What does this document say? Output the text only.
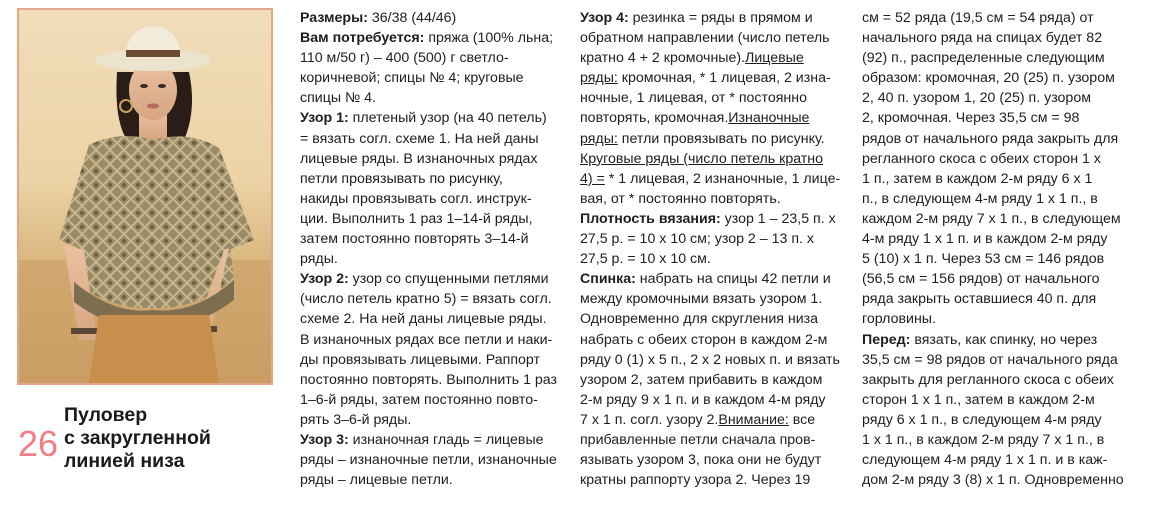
26
Пуловер
с закругленной
линией низа
Размеры: 36/38 (44/46)
Вам потребуется: пряжа (100% льна;
110 м/50 г) – 400 (500) г светло-
коричневой; спицы № 4; круговые
спицы № 4.
Узор 1: плетеный узор (на 40 петель)
= вязать согл. схеме 1. На ней даны
лицевые ряды. В изнаночных рядах
петли провязывать по рисунку,
накиды провязывать согл. инструк-
ции. Выполнить 1 раз 1–14-й ряды,
затем постоянно повторять 3–14-й
ряды.
Узор 2: узор со спущенными петлями
(число петель кратно 5) = вязать согл.
схеме 2. На ней даны лицевые ряды.
В изнаночных рядах все петли и наки-
ды провязывать лицевыми. Раппорт
постоянно повторять. Выполнить 1 раз
1–6-й ряды, затем постоянно повто-
рять 3–6-й ряды.
Узор 3: изнаночная гладь = лицевые
ряды – изнаночные петли, изнаночные
ряды – лицевые петли.
Узор 4: резинка = ряды в прямом и
обратном направлении (число петель
кратно 4 + 2 кромочные). Лицевые
ряды: кромочная, * 1 лицевая, 2 изна-
ночные, 1 лицевая, от * постоянно
повторять, кромочная. Изнаночные
ряды: петли провязывать по рисунку.
Круговые ряды (число петель кратно
4) = * 1 лицевая, 2 изнаночные, 1 лице-
вая, от * постоянно повторять.
Плотность вязания: узор 1 – 23,5 п. х
27,5 р. = 10 х 10 см; узор 2 – 13 п. х
27,5 р. = 10 х 10 см.
Спинка: набрать на спицы 42 петли и
между кромочными вязать узором 1.
Одновременно для скругления низа
набрать с обеих сторон в каждом 2-м
ряду 0 (1) х 5 п., 2 х 2 новых п. и вязать
узором 2, затем прибавить в каждом
2-м ряду 9 х 1 п. и в каждом 4-м ряду
7 х 1 п. согл. узору 2. Внимание: все
прибавленные петли сначала пров-
язывать узором 3, пока они не будут
кратны раппорту узора 2. Через 19
см = 52 ряда (19,5 см = 54 ряда) от
начального ряда на спицах будет 82
(92) п., распределенные следующим
образом: кромочная, 20 (25) п. узором
2, 40 п. узором 1, 20 (25) п. узором
2, кромочная. Через 35,5 см = 98
рядов от начального ряда закрыть для
регланного скоса с обеих сторон 1 х
1 п., затем в каждом 2-м ряду 6 х 1
п., в следующем 4-м ряду 1 х 1 п., в
каждом 2-м ряду 7 х 1 п., в следующем
4-м ряду 1 х 1 п. и в каждом 2-м ряду
5 (10) х 1 п. Через 53 см = 146 рядов
(56,5 см = 156 рядов) от начального
ряда закрыть оставшиеся 40 п. для
горловины.
Перед: вязать, как спинку, но через
35,5 см = 98 рядов от начального ряда
закрыть для регланного скоса с обеих
сторон 1 х 1 п., затем в каждом 2-м
ряду 6 х 1 п., в следующем 4-м ряду
1 х 1 п., в каждом 2-м ряду 7 х 1 п., в
следующем 4-м ряду 1 х 1 п. и в каж-
дом 2-м ряду 3 (8) х 1 п. Одновременно
